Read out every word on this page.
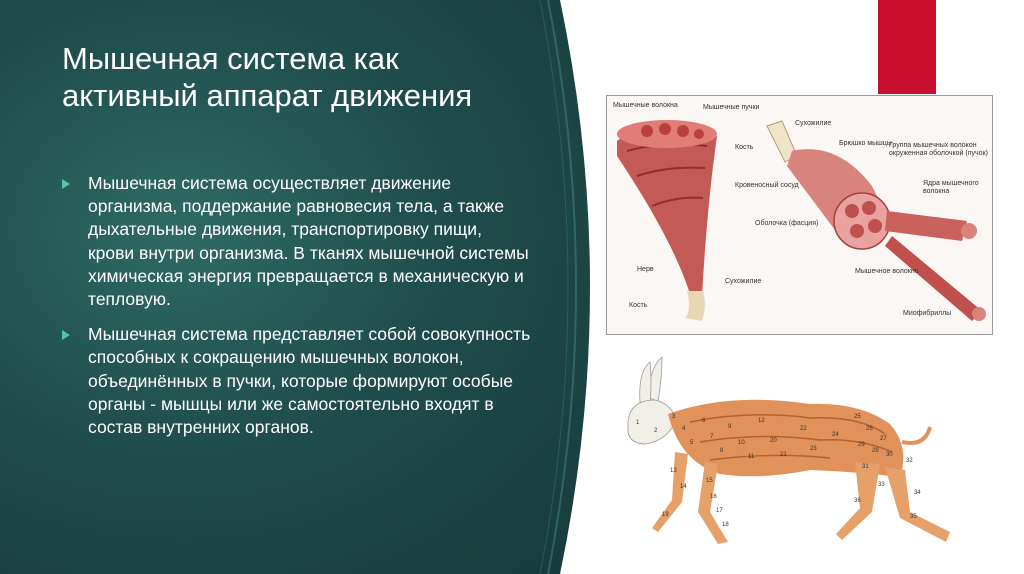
Мышечная система как активный аппарат движения
Мышечная система осуществляет движение организма, поддержание равновесия тела, а также дыхательные движения, транспортировку пищи, крови внутри организма. В тканях мышечной системы химическая энергия превращается в механическую и тепловую.
Мышечная система представляет собой совокупность способных к сокращению мышечных волокон, объединённых в пучки, которые формируют особые органы - мышцы или же самостоятельно входят в состав внутренних органов.
Мышечные волокна	Мышечные пучки
Кость
Сухожилие
Брюшко мышцы
Группа мышечных волокон окруженная оболочкой (пучок)
Кровеносный сосуд	Ядра мышечного волокна
Оболочка (фасция)
Нерв
Сухожилие
Мышечное волокно
Кость
Миофибриллы
1
2
3
4
5
6
7
8
9
10
11
12
13
14
15
16
17
18
19
20
21
22
23
24
25
26
27
28
29
30
31
32
33
34
35
36
